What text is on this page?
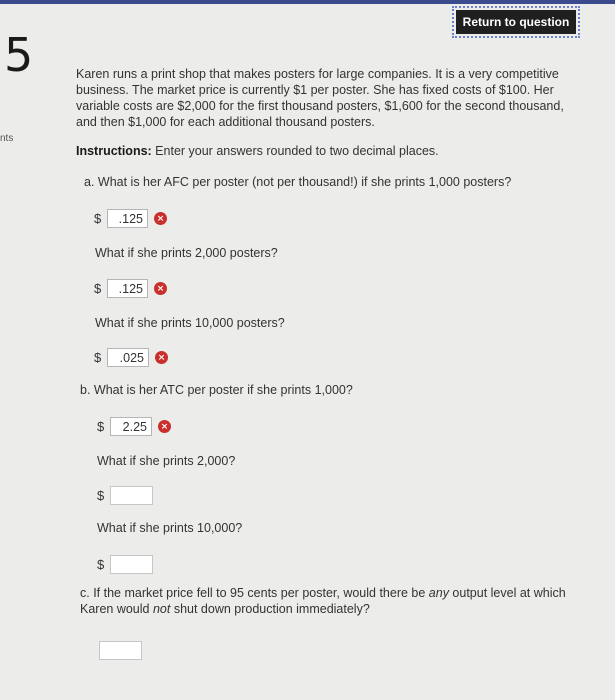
Return to question
5
nts
Karen runs a print shop that makes posters for large companies. It is a very competitive business. The market price is currently $1 per poster. She has fixed costs of $100. Her variable costs are $2,000 for the first thousand posters, $1,600 for the second thousand, and then $1,000 for each additional thousand posters.
Instructions: Enter your answers rounded to two decimal places.
a. What is her AFC per poster (not per thousand!) if she prints 1,000 posters?
$	.125	×
What if she prints 2,000 posters?
$	.125	×
What if she prints 10,000 posters?
$	.025	×
b. What is her ATC per poster if she prints 1,000?
$	2.25	×
What if she prints 2,000?
$
What if she prints 10,000?
$
c. If the market price fell to 95 cents per poster, would there be any output level at which Karen would not shut down production immediately?
